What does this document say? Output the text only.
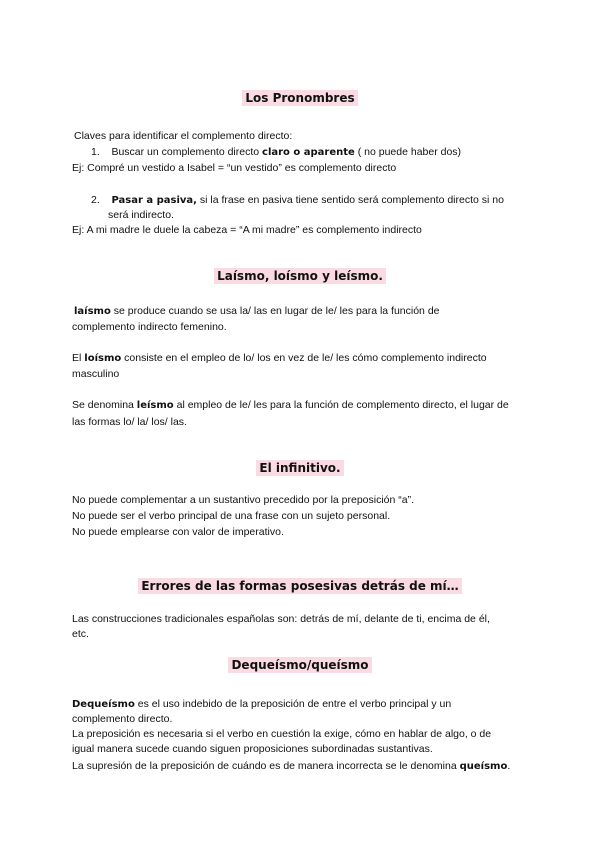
Los Pronombres
Claves para identificar el complemento directo:
1. Buscar un complemento directo claro o aparente ( no puede haber dos)
Ej: Compré un vestido a Isabel = “un vestido” es complemento directo
2. Pasar a pasiva, si la frase en pasiva tiene sentido será complemento directo si no
será indirecto.
Ej: A mi madre le duele la cabeza = “A mi madre” es complemento indirecto
Laísmo, loísmo y leísmo.
laísmo se produce cuando se usa la/ las en lugar de le/ les para la función de
complemento indirecto femenino.
El loísmo consiste en el empleo de lo/ los en vez de le/ les cómo complemento indirecto
masculino
Se denomina leísmo al empleo de le/ les para la función de complemento directo, el lugar de
las formas lo/ la/ los/ las.
El infinitivo.
No puede complementar a un sustantivo precedido por la preposición “a”.
No puede ser el verbo principal de una frase con un sujeto personal.
No puede emplearse con valor de imperativo.
Errores de las formas posesivas detrás de mí…
Las construcciones tradicionales españolas son: detrás de mí, delante de ti, encima de él,
etc.
Dequeísmo/queísmo
Dequeísmo es el uso indebido de la preposición de entre el verbo principal y un
complemento directo.
La preposición es necesaria si el verbo en cuestión la exige, cómo en hablar de algo, o de
igual manera sucede cuando siguen proposiciones subordinadas sustantivas.
La supresión de la preposición de cuándo es de manera incorrecta se le denomina queísmo.
